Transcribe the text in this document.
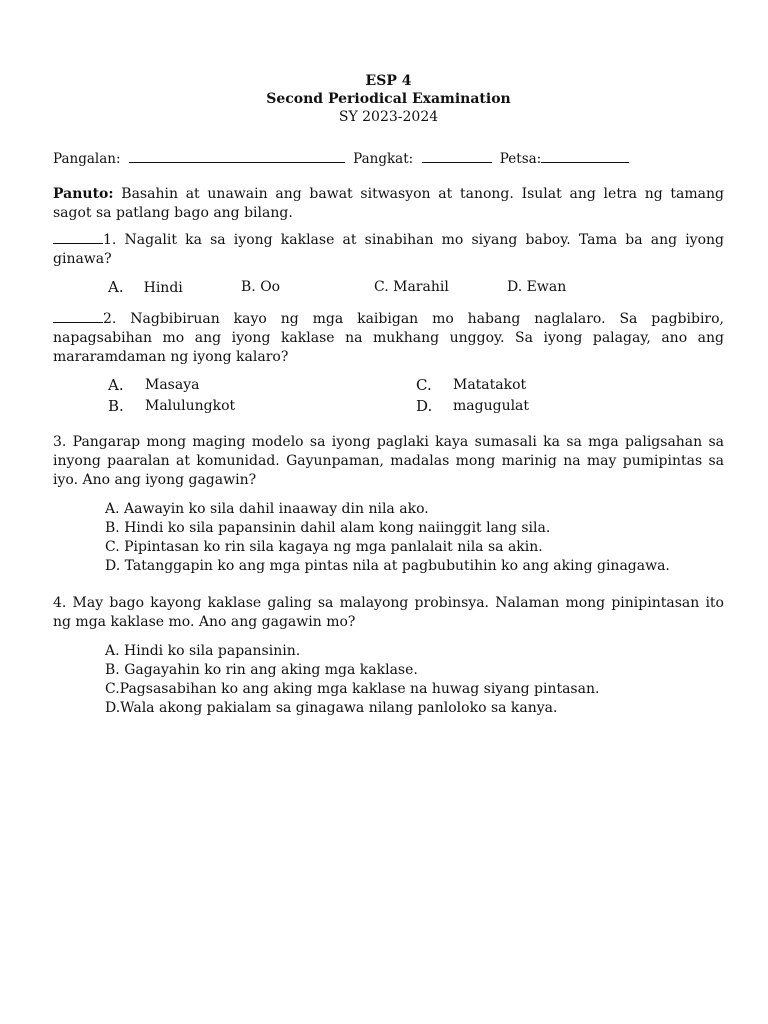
ESP 4
Second Periodical Examination
SY 2023-2024
Pangalan:	Pangkat:	Petsa:
Panuto: Basahin at unawain ang bawat sitwasyon at tanong. Isulat ang letra ng tamang sagot sa patlang bago ang bilang.
1. Nagalit ka sa iyong kaklase at sinabihan mo siyang baboy. Tama ba ang iyong ginawa?
A. Hindi	B. Oo	C. Marahil	D. Ewan
2. Nagbibiruan kayo ng mga kaibigan mo habang naglalaro. Sa pagbibiro, napagsabihan mo ang iyong kaklase na mukhang unggoy. Sa iyong palagay, ano ang mararamdaman ng iyong kalaro?
A.	Masaya	C.	Matatakot
B.	Malulungkot	D.	magugulat
3. Pangarap mong maging modelo sa iyong paglaki kaya sumasali ka sa mga paligsahan sa inyong paaralan at komunidad. Gayunpaman, madalas mong marinig na may pumipintas sa iyo. Ano ang iyong gagawin?
A. Aawayin ko sila dahil inaaway din nila ako.
B. Hindi ko sila papansinin dahil alam kong naiinggit lang sila.
C. Pipintasan ko rin sila kagaya ng mga panlalait nila sa akin.
D. Tatanggapin ko ang mga pintas nila at pagbubutihin ko ang aking ginagawa.
4. May bago kayong kaklase galing sa malayong probinsya. Nalaman mong pinipintasan ito ng mga kaklase mo. Ano ang gagawin mo?
A. Hindi ko sila papansinin.
B. Gagayahin ko rin ang aking mga kaklase.
C.Pagsasabihan ko ang aking mga kaklase na huwag siyang pintasan.
D.Wala akong pakialam sa ginagawa nilang panloloko sa kanya.
